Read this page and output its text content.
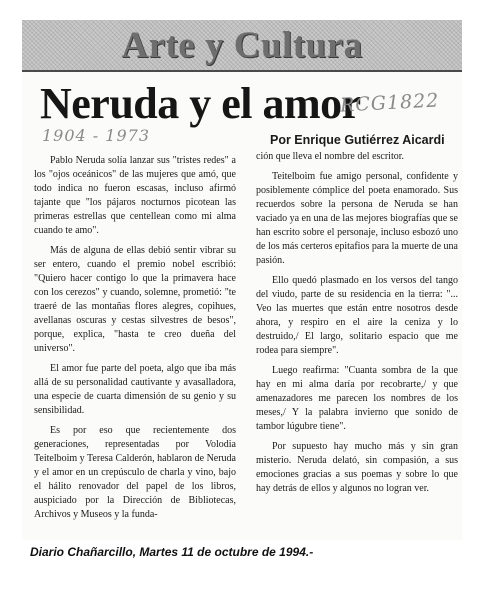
Arte y Cultura
Neruda y el amor
RCG1822
1904 - 1973	Por Enrique Gutiérrez Aicardi

Pablo Neruda solía lanzar sus "tristes redes" a los "ojos oceánicos" de las mujeres que amó, que todo indica no fueron escasas, incluso afirmó tajante que "los pájaros nocturnos picotean las primeras estrellas que centellean como mi alma cuando te amo".

Más de alguna de ellas debió sentir vibrar su ser entero, cuando el premio nobel escribió: "Quiero hacer contigo lo que la primavera hace con los cerezos" y cuando, solemne, prometió: "te traeré de las montañas flores alegres, copihues, avellanas oscuras y cestas silvestres de besos", porque, explica, "hasta te creo dueña del universo".

El amor fue parte del poeta, algo que iba más allá de su personalidad cautivante y avasalladora, una especie de cuarta dimensión de su genio y su sensibilidad.

Es por eso que recientemente dos generaciones, representadas por Volodia Teitelboim y Teresa Calderón, hablaron de Neruda y el amor en un crepúsculo de charla y vino, bajo el hálito renovador del papel de los libros, auspiciado por la Dirección de Bibliotecas, Archivos y Museos y la funda-

ción que lleva el nombre del escritor.

Teitelboim fue amigo personal, confidente y posiblemente cómplice del poeta enamorado. Sus recuerdos sobre la persona de Neruda se han vaciado ya en una de las mejores biografías que se han escrito sobre el personaje, incluso esbozó uno de los más certeros epitafios para la muerte de una pasión.

Ello quedó plasmado en los versos del tango del viudo, parte de su residencia en la tierra: "... Veo las muertes que están entre nosotros desde ahora, y respiro en el aire la ceniza y lo destruido,/ El largo, solitario espacio que me rodea para siempre".

Luego reafirma: "Cuanta sombra de la que hay en mi alma daría por recobrarte,/ y que amenazadores me parecen los nombres de los meses,/ Y la palabra invierno que sonido de tambor lúgubre tiene".

Por supuesto hay mucho más y sin gran misterio. Neruda delató, sin compasión, a sus emociones gracias a sus poemas y sobre lo que hay detrás de ellos y algunos no logran ver.

Diario Chañarcillo, Martes 11 de octubre de 1994.-
